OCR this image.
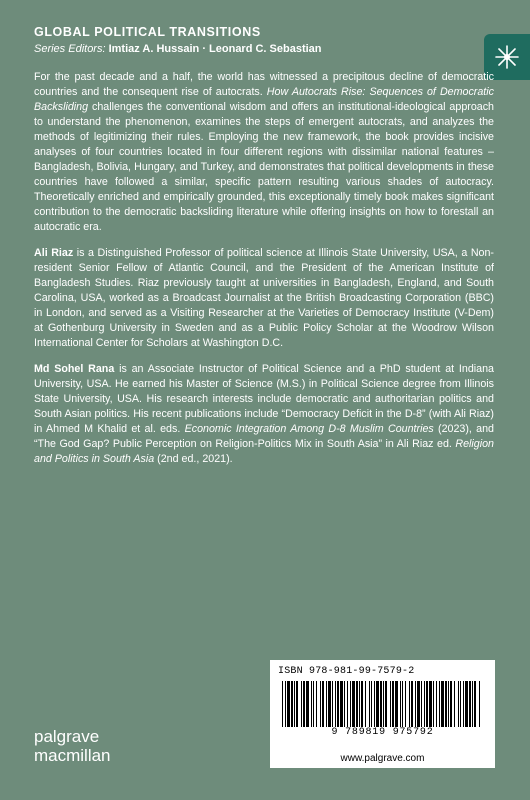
GLOBAL POLITICAL TRANSITIONS
Series Editors: Imtiaz A. Hussain · Leonard C. Sebastian

For the past decade and a half, the world has witnessed a precipitous decline of democratic countries and the consequent rise of autocrats. How Autocrats Rise: Sequences of Democratic Backsliding challenges the conventional wisdom and offers an institutional-ideological approach to understand the phenomenon, examines the steps of emergent autocrats, and analyzes the methods of legitimizing their rules. Employing the new framework, the book provides incisive analyses of four countries located in four different regions with dissimilar national features – Bangladesh, Bolivia, Hungary, and Turkey, and demonstrates that political developments in these countries have followed a similar, specific pattern resulting various shades of autocracy. Theoretically enriched and empirically grounded, this exceptionally timely book makes significant contribution to the democratic backsliding literature while offering insights on how to forestall an autocratic era.

Ali Riaz is a Distinguished Professor of political science at Illinois State University, USA, a Non-resident Senior Fellow of Atlantic Council, and the President of the American Institute of Bangladesh Studies. Riaz previously taught at universities in Bangladesh, England, and South Carolina, USA, worked as a Broadcast Journalist at the British Broadcasting Corporation (BBC) in London, and served as a Visiting Researcher at the Varieties of Democracy Institute (V-Dem) at Gothenburg University in Sweden and as a Public Policy Scholar at the Woodrow Wilson International Center for Scholars at Washington D.C.

Md Sohel Rana is an Associate Instructor of Political Science and a PhD student at Indiana University, USA. He earned his Master of Science (M.S.) in Political Science degree from Illinois State University, USA. His research interests include democratic and authoritarian politics and South Asian politics. His recent publications include “Democracy Deficit in the D-8” (with Ali Riaz) in Ahmed M Khalid et al. eds. Economic Integration Among D-8 Muslim Countries (2023), and “The God Gap? Public Perception on Religion-Politics Mix in South Asia” in Ali Riaz ed. Religion and Politics in South Asia (2nd ed., 2021).

ISBN 978-981-99-7579-2
9 789819 975792
www.palgrave.com
palgrave
macmillan
